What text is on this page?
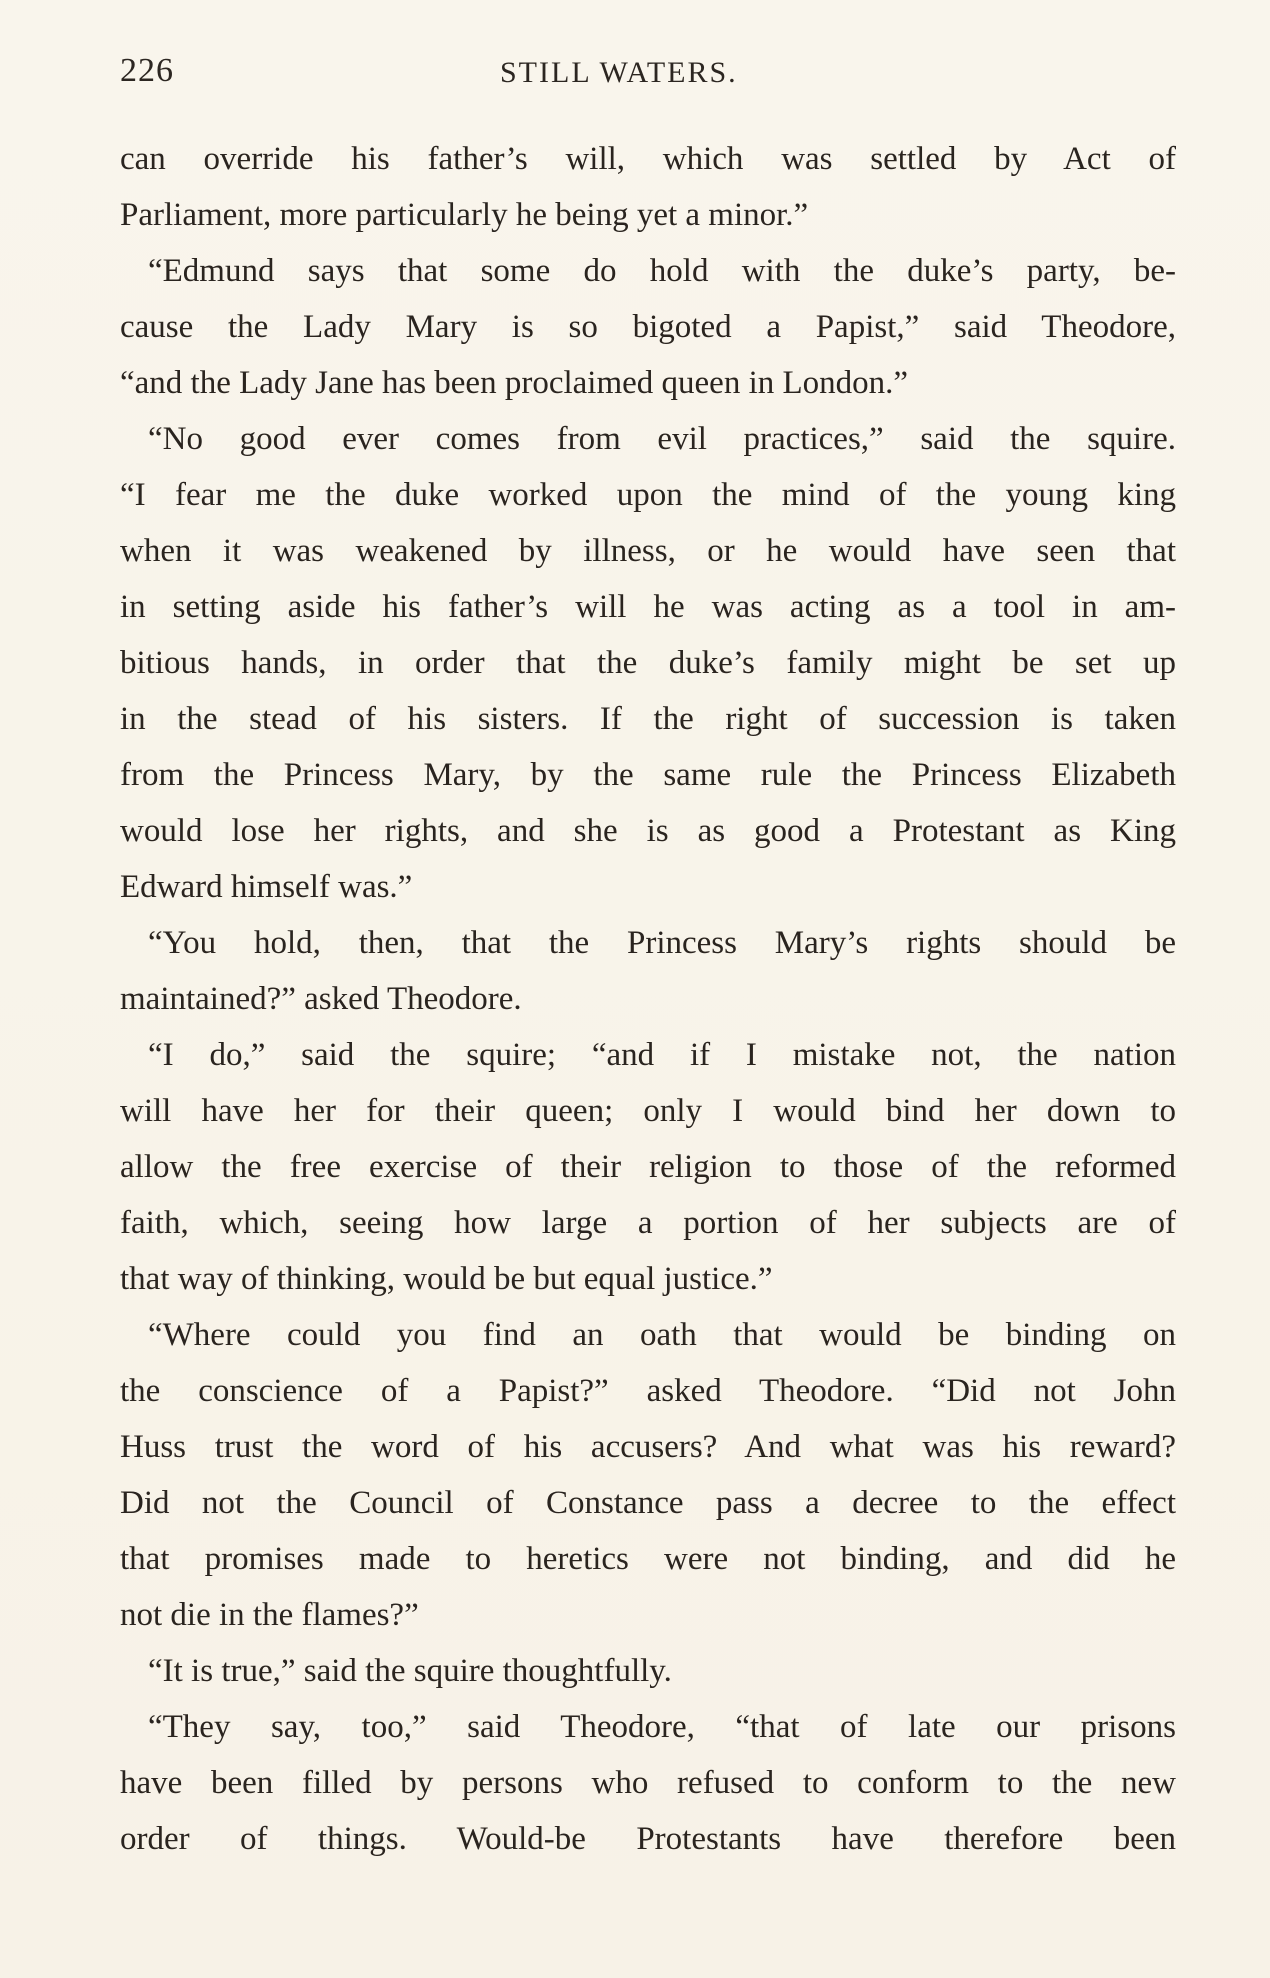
226	STILL WATERS.
can override his father’s will, which was settled by Act of
Parliament, more particularly he being yet a minor.”
“Edmund says that some do hold with the duke’s party, be-
cause the Lady Mary is so bigoted a Papist,” said Theodore,
“and the Lady Jane has been proclaimed queen in London.”
“No good ever comes from evil practices,” said the squire.
“I fear me the duke worked upon the mind of the young king
when it was weakened by illness, or he would have seen that
in setting aside his father’s will he was acting as a tool in am-
bitious hands, in order that the duke’s family might be set up
in the stead of his sisters. If the right of succession is taken
from the Princess Mary, by the same rule the Princess Elizabeth
would lose her rights, and she is as good a Protestant as King
Edward himself was.”
“You hold, then, that the Princess Mary’s rights should be
maintained?” asked Theodore.
“I do,” said the squire; “and if I mistake not, the nation
will have her for their queen; only I would bind her down to
allow the free exercise of their religion to those of the reformed
faith, which, seeing how large a portion of her subjects are of
that way of thinking, would be but equal justice.”
“Where could you find an oath that would be binding on
the conscience of a Papist?” asked Theodore. “Did not John
Huss trust the word of his accusers? And what was his reward?
Did not the Council of Constance pass a decree to the effect
that promises made to heretics were not binding, and did he
not die in the flames?”
“It is true,” said the squire thoughtfully.
“They say, too,” said Theodore, “that of late our prisons
have been filled by persons who refused to conform to the new
order of things. Would-be Protestants have therefore been
